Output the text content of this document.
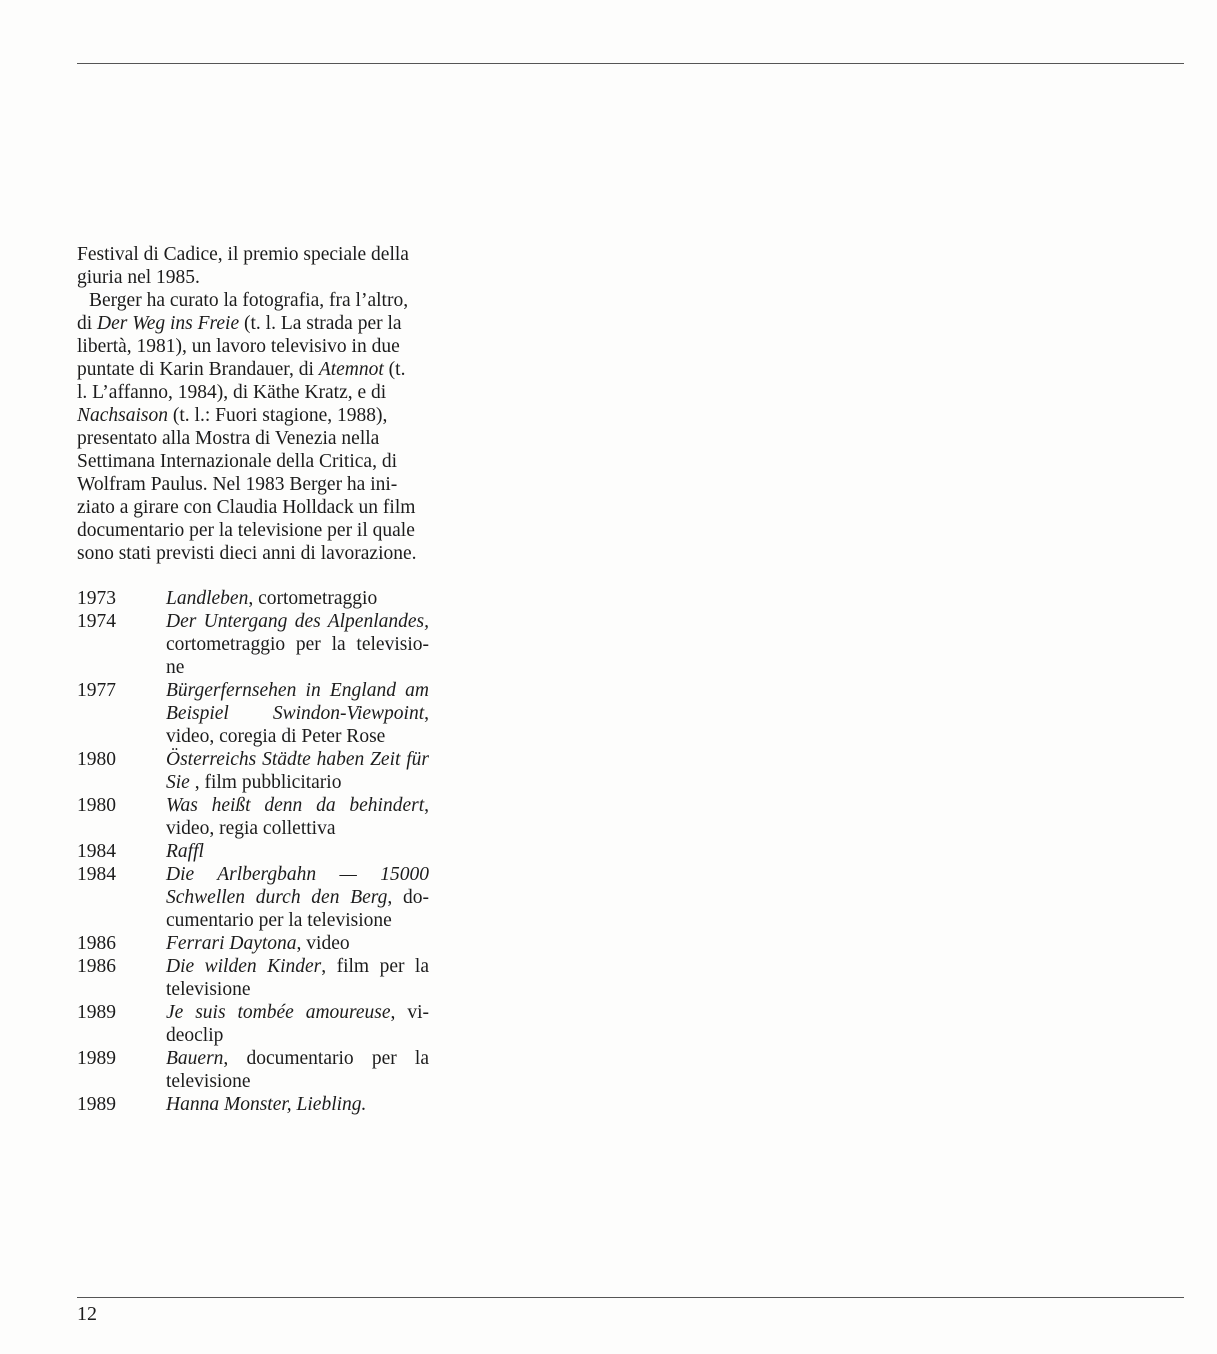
Festival di Cadice, il premio speciale della
giuria nel 1985.

Berger ha curato la fotografia, fra l’altro,
di Der Weg ins Freie (t. l. La strada per la
libertà, 1981), un lavoro televisivo in due
puntate di Karin Brandauer, di Atemnot (t.
l. L’affanno, 1984), di Käthe Kratz, e di
Nachsaison (t. l.: Fuori stagione, 1988),
presentato alla Mostra di Venezia nella
Settimana Internazionale della Critica, di
Wolfram Paulus. Nel 1983 Berger ha ini-
ziato a girare con Claudia Holldack un film
documentario per la televisione per il quale
sono stati previsti dieci anni di lavorazione.

1973	Landleben, cortometraggio
1974	Der Untergang des Alpenlandes,
cortometraggio per la televisio-
ne
1977	Bürgerfernsehen in England am
Beispiel Swindon-Viewpoint,
video, coregia di Peter Rose
1980	Österreichs Städte haben Zeit für
Sie , film pubblicitario
1980	Was heißt denn da behindert,
video, regia collettiva
1984	Raffl
1984	Die Arlbergbahn — 15000
Schwellen durch den Berg, do-
cumentario per la televisione
1986	Ferrari Daytona, video
1986	Die wilden Kinder, film per la
televisione
1989	Je suis tombée amoureuse, vi-
deoclip
1989	Bauern, documentario per la
televisione
1989	Hanna Monster, Liebling.
12
